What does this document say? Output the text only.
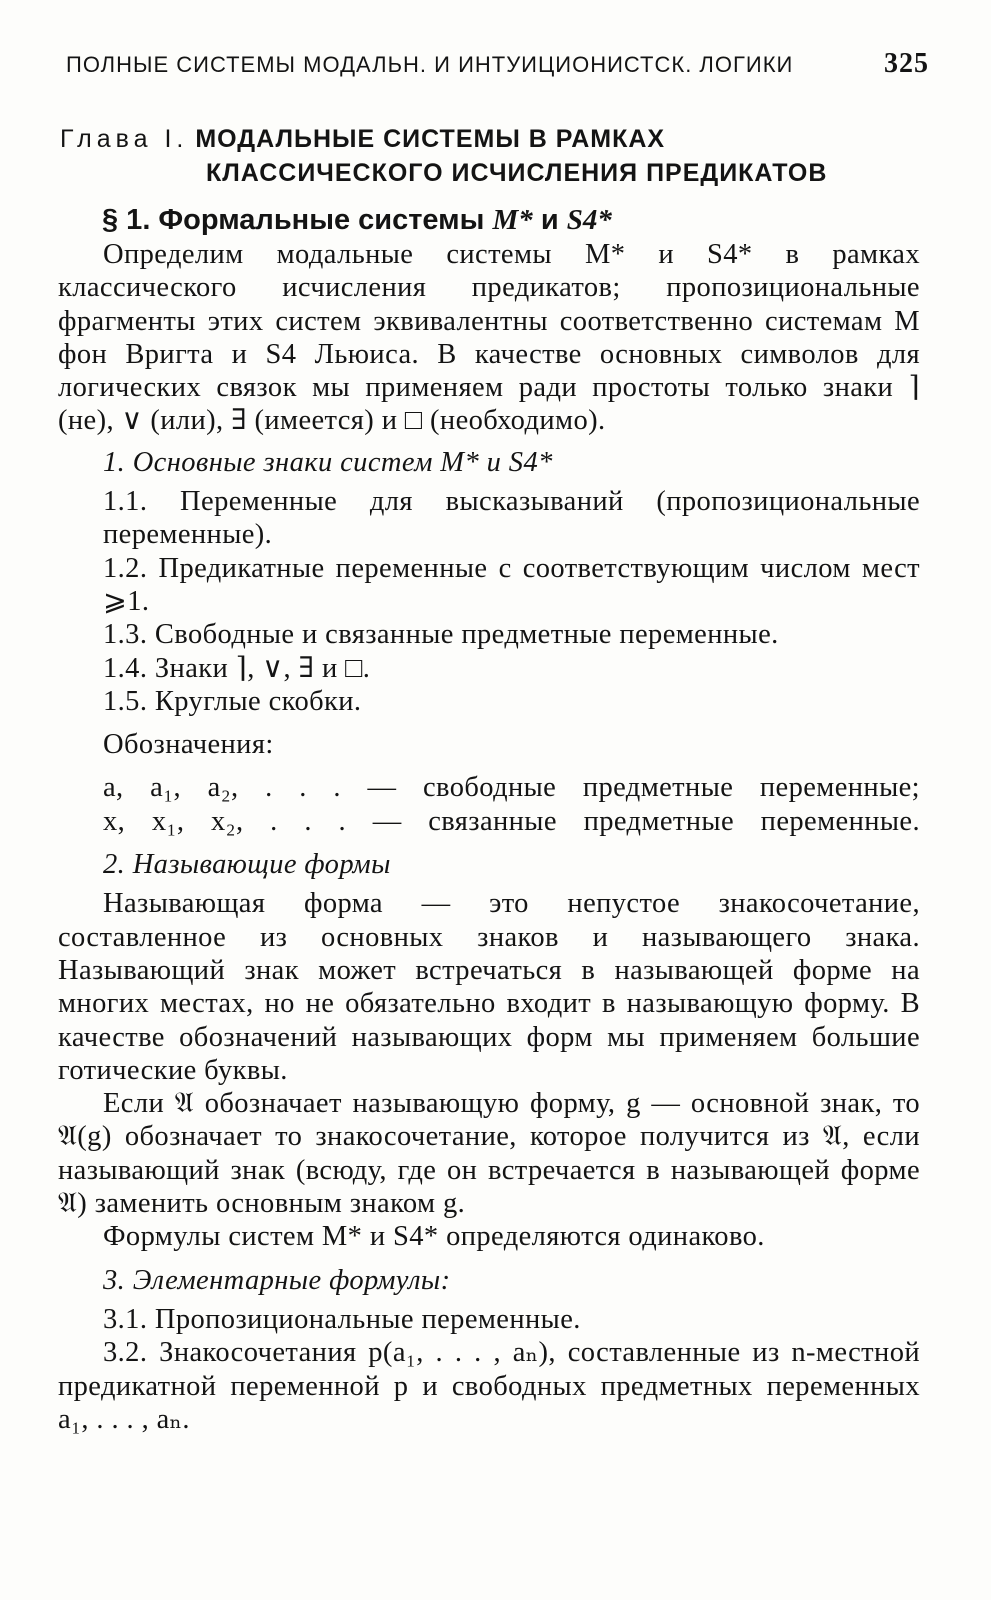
ПОЛНЫЕ СИСТЕМЫ МОДАЛЬН. И ИНТУИЦИОНИСТСК. ЛОГИКИ	325
Глава I. МОДАЛЬНЫЕ СИСТЕМЫ В РАМКАХ
КЛАССИЧЕСКОГО ИСЧИСЛЕНИЯ ПРЕДИКАТОВ
§ 1. Формальные системы M* и S4*

Определим модальные системы M* и S4* в рамках классического исчисления предикатов; пропозициональные фрагменты этих систем эквивалентны соответственно системам M фон Вригта и S4 Льюиса. В качестве основных символов для логических связок мы применяем ради простоты только знаки ⌉ (не), ∨ (или), ∃ (имеется) и □ (необходимо).

1. Основные знаки систем M* и S4*

1.1. Переменные для высказываний (пропозициональные переменные).

1.2. Предикатные переменные с соответствующим числом мест ⩾1.

1.3. Свободные и связанные предметные переменные.

1.4. Знаки ⌉, ∨, ∃ и □.

1.5. Круглые скобки.

Обозначения:

a, a₁, a₂, . . . — свободные предметные переменные;

x, x₁, x₂, . . . — связанные предметные переменные.

2. Называющие формы

Называющая форма — это непустое знакосочетание, составленное из основных знаков и называющего знака. Называющий знак может встречаться в называющей форме на многих местах, но не обязательно входит в называющую форму. В качестве обозначений называющих форм мы применяем большие готические буквы.

Если 𝔄 обозначает называющую форму, g — основной знак, то 𝔄(g) обозначает то знакосочетание, которое получится из 𝔄, если называющий знак (всюду, где он встречается в называющей форме 𝔄) заменить основным знаком g.

Формулы систем M* и S4* определяются одинаково.

3. Элементарные формулы:

3.1. Пропозициональные переменные.

3.2. Знакосочетания p(a₁, . . . , aₙ), составленные из n-местной предикатной переменной p и свободных предметных переменных a₁, . . . , aₙ.
